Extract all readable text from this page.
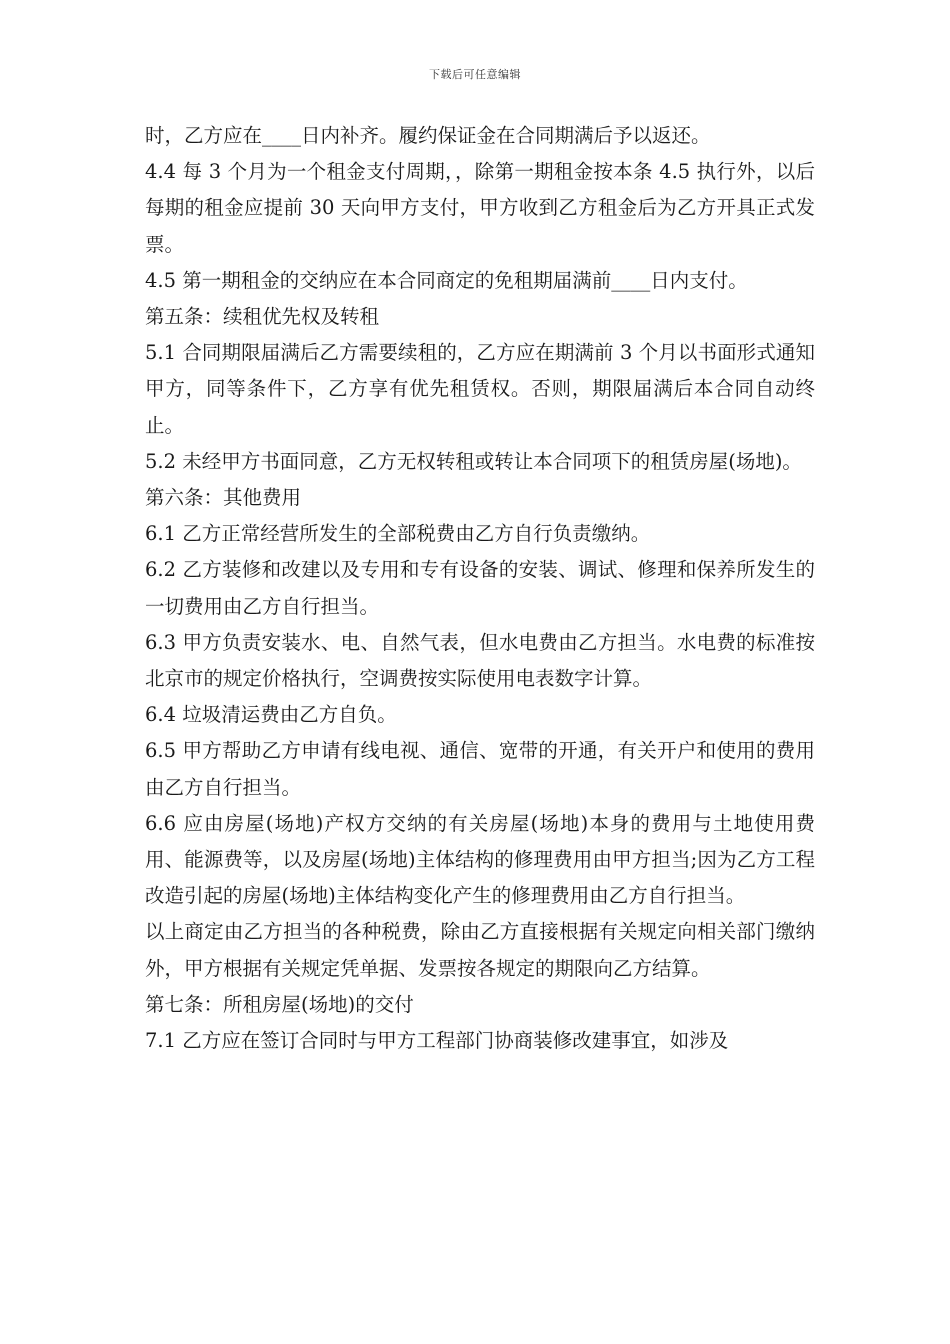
下载后可任意编辑

时，乙方应在____日内补齐。履约保证金在合同期满后予以返还。

4.4 每 3 个月为一个租金支付周期，，除第一期租金按本条 4.5 执行外，以后每期的租金应提前 30 天向甲方支付，甲方收到乙方租金后为乙方开具正式发票。

4.5 第一期租金的交纳应在本合同商定的免租期届满前____日内支付。

第五条：续租优先权及转租

5.1 合同期限届满后乙方需要续租的，乙方应在期满前 3 个月以书面形式通知甲方，同等条件下，乙方享有优先租赁权。否则，期限届满后本合同自动终止。

5.2 未经甲方书面同意，乙方无权转租或转让本合同项下的租赁房屋(场地)。

第六条：其他费用

6.1 乙方正常经营所发生的全部税费由乙方自行负责缴纳。

6.2 乙方装修和改建以及专用和专有设备的安装、调试、修理和保养所发生的一切费用由乙方自行担当。

6.3 甲方负责安装水、电、自然气表，但水电费由乙方担当。水电费的标准按北京市的规定价格执行，空调费按实际使用电表数字计算。

6.4 垃圾清运费由乙方自负。

6.5 甲方帮助乙方申请有线电视、通信、宽带的开通，有关开户和使用的费用由乙方自行担当。

6.6 应由房屋(场地)产权方交纳的有关房屋(场地)本身的费用与土地使用费用、能源费等，以及房屋(场地)主体结构的修理费用由甲方担当;因为乙方工程改造引起的房屋(场地)主体结构变化产生的修理费用由乙方自行担当。

以上商定由乙方担当的各种税费，除由乙方直接根据有关规定向相关部门缴纳外，甲方根据有关规定凭单据、发票按各规定的期限向乙方结算。

第七条：所租房屋(场地)的交付

7.1 乙方应在签订合同时与甲方工程部门协商装修改建事宜，如涉及
